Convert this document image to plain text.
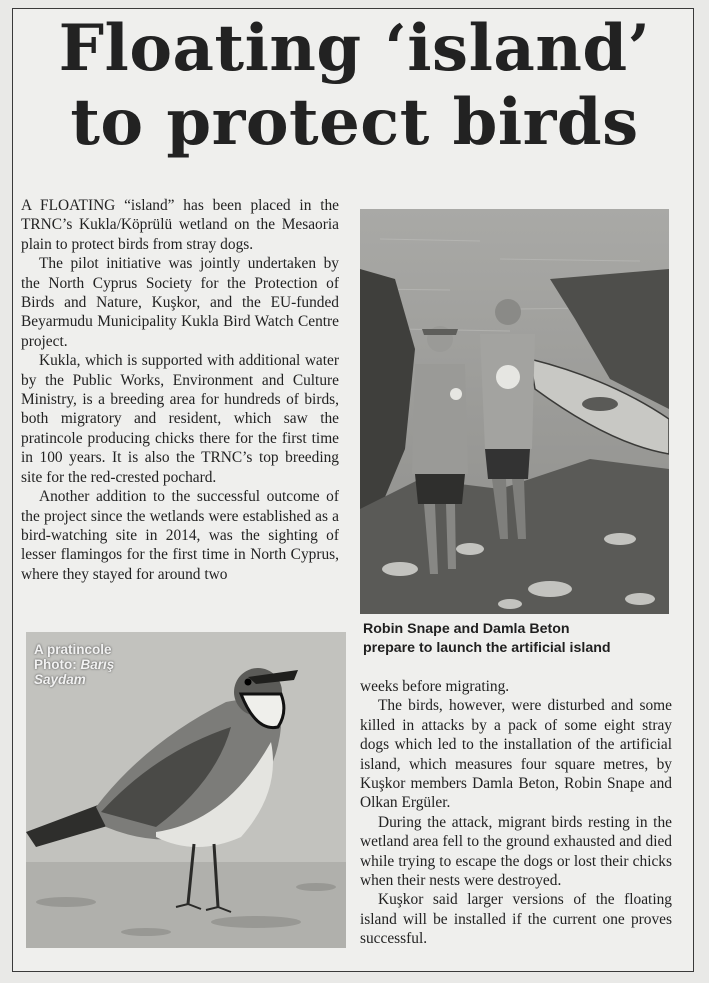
Floating ‘island’
to protect birds

A FLOATING “island” has been placed in the TRNC’s Kukla/Köprülü wetland on the Mesaoria plain to protect birds from stray dogs.

The pilot initiative was jointly undertaken by the North Cyprus Society for the Protection of Birds and Nature, Kuşkor, and the EU-funded Beyarmudu Municipality Kukla Bird Watch Centre project.

Kukla, which is supported with additional water by the Public Works, Environment and Culture Ministry, is a breeding area for hundreds of birds, both migratory and resident, which saw the pratincole producing chicks there for the first time in 100 years. It is also the TRNC’s top breeding site for the red-crested pochard.

Another addition to the successful outcome of the project since the wetlands were established as a bird-watching site in 2014, was the sighting of lesser flamingos for the first time in North Cyprus, where they stayed for around two

Robin Snape and Damla Beton
prepare to launch the artificial island
A pratincole
Photo: Barış
Saydam	weeks before migrating.

The birds, however, were disturbed and some killed in attacks by a pack of some eight stray dogs which led to the installation of the artificial island, which measures four square metres, by Kuşkor members Damla Beton, Robin Snape and Olkan Ergüler.

During the attack, migrant birds resting in the wetland area fell to the ground exhausted and died while trying to escape the dogs or lost their chicks when their nests were destroyed.

Kuşkor said larger versions of the floating island will be installed if the current one proves successful.
